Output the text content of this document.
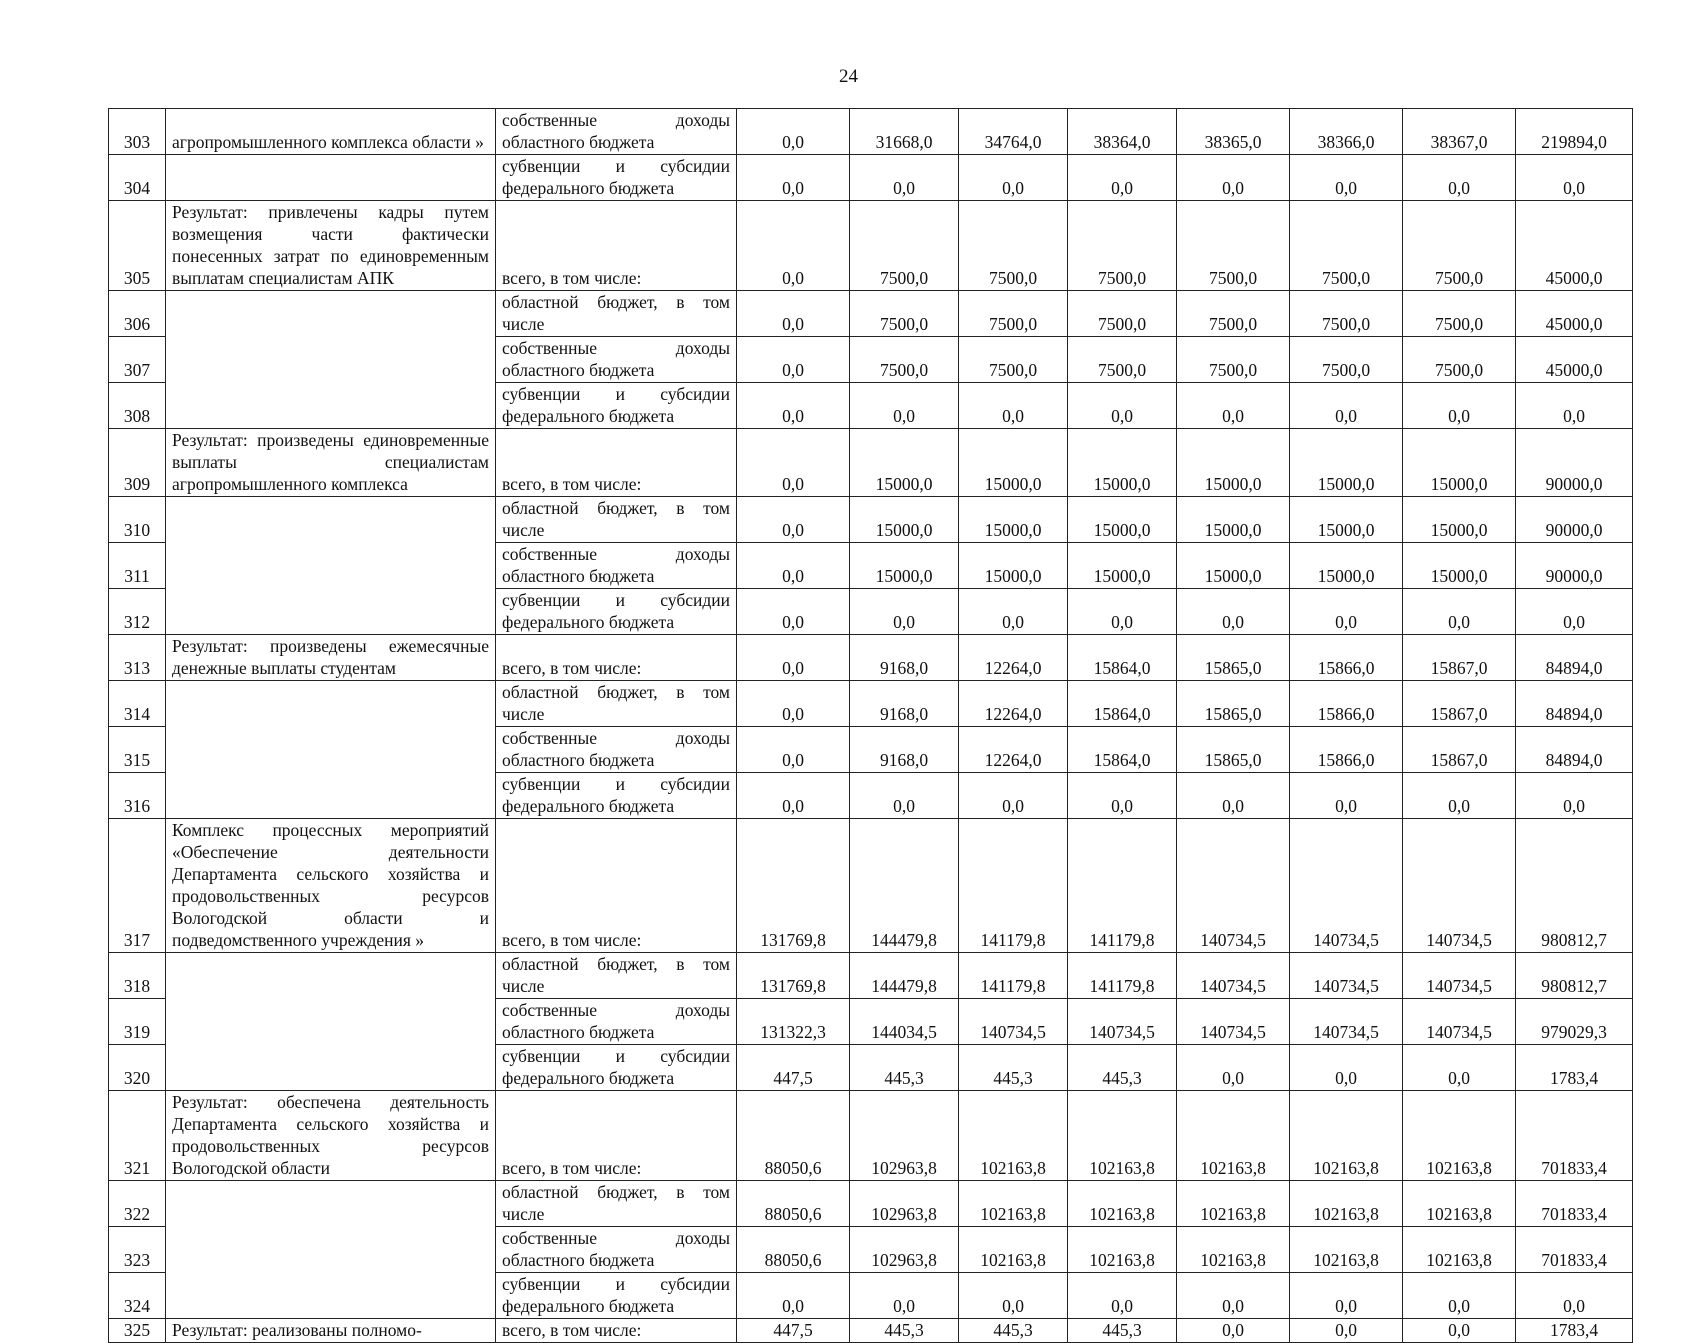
24
303	агропромышленного комплекса области »	собственные доходы областного бюджета	0,0	31668,0	34764,0	38364,0	38365,0	38366,0	38367,0	219894,0
304		субвенции и субсидии федерального бюджета	0,0	0,0	0,0	0,0	0,0	0,0	0,0	0,0
305	Результат: привлечены кадры путем возмещения части фактически понесенных затрат по единовременным выплатам специалистам АПК	всего, в том числе:	0,0	7500,0	7500,0	7500,0	7500,0	7500,0	7500,0	45000,0
306		областной бюджет, в том числе	0,0	7500,0	7500,0	7500,0	7500,0	7500,0	7500,0	45000,0
307		собственные доходы областного бюджета	0,0	7500,0	7500,0	7500,0	7500,0	7500,0	7500,0	45000,0
308		субвенции и субсидии федерального бюджета	0,0	0,0	0,0	0,0	0,0	0,0	0,0	0,0
309	Результат: произведены единовременные выплаты специалистам агропромышленного комплекса	всего, в том числе:	0,0	15000,0	15000,0	15000,0	15000,0	15000,0	15000,0	90000,0
310		областной бюджет, в том числе	0,0	15000,0	15000,0	15000,0	15000,0	15000,0	15000,0	90000,0
311		собственные доходы областного бюджета	0,0	15000,0	15000,0	15000,0	15000,0	15000,0	15000,0	90000,0
312		субвенции и субсидии федерального бюджета	0,0	0,0	0,0	0,0	0,0	0,0	0,0	0,0
313	Результат: произведены ежемесячные денежные выплаты студентам	всего, в том числе:	0,0	9168,0	12264,0	15864,0	15865,0	15866,0	15867,0	84894,0
314		областной бюджет, в том числе	0,0	9168,0	12264,0	15864,0	15865,0	15866,0	15867,0	84894,0
315		собственные доходы областного бюджета	0,0	9168,0	12264,0	15864,0	15865,0	15866,0	15867,0	84894,0
316		субвенции и субсидии федерального бюджета	0,0	0,0	0,0	0,0	0,0	0,0	0,0	0,0
317	Комплекс процессных мероприятий «Обеспечение деятельности Департамента сельского хозяйства и продовольственных ресурсов Вологодской области и подведомственного учреждения »	всего, в том числе:	131769,8	144479,8	141179,8	141179,8	140734,5	140734,5	140734,5	980812,7
318		областной бюджет, в том числе	131769,8	144479,8	141179,8	141179,8	140734,5	140734,5	140734,5	980812,7
319		собственные доходы областного бюджета	131322,3	144034,5	140734,5	140734,5	140734,5	140734,5	140734,5	979029,3
320		субвенции и субсидии федерального бюджета	447,5	445,3	445,3	445,3	0,0	0,0	0,0	1783,4
321	Результат: обеспечена деятельность Департамента сельского хозяйства и продовольственных ресурсов Вологодской области	всего, в том числе:	88050,6	102963,8	102163,8	102163,8	102163,8	102163,8	102163,8	701833,4
322		областной бюджет, в том числе	88050,6	102963,8	102163,8	102163,8	102163,8	102163,8	102163,8	701833,4
323		собственные доходы областного бюджета	88050,6	102963,8	102163,8	102163,8	102163,8	102163,8	102163,8	701833,4
324		субвенции и субсидии федерального бюджета	0,0	0,0	0,0	0,0	0,0	0,0	0,0	0,0
325	Результат: реализованы полномо-	всего, в том числе:	447,5	445,3	445,3	445,3	0,0	0,0	0,0	1783,4
